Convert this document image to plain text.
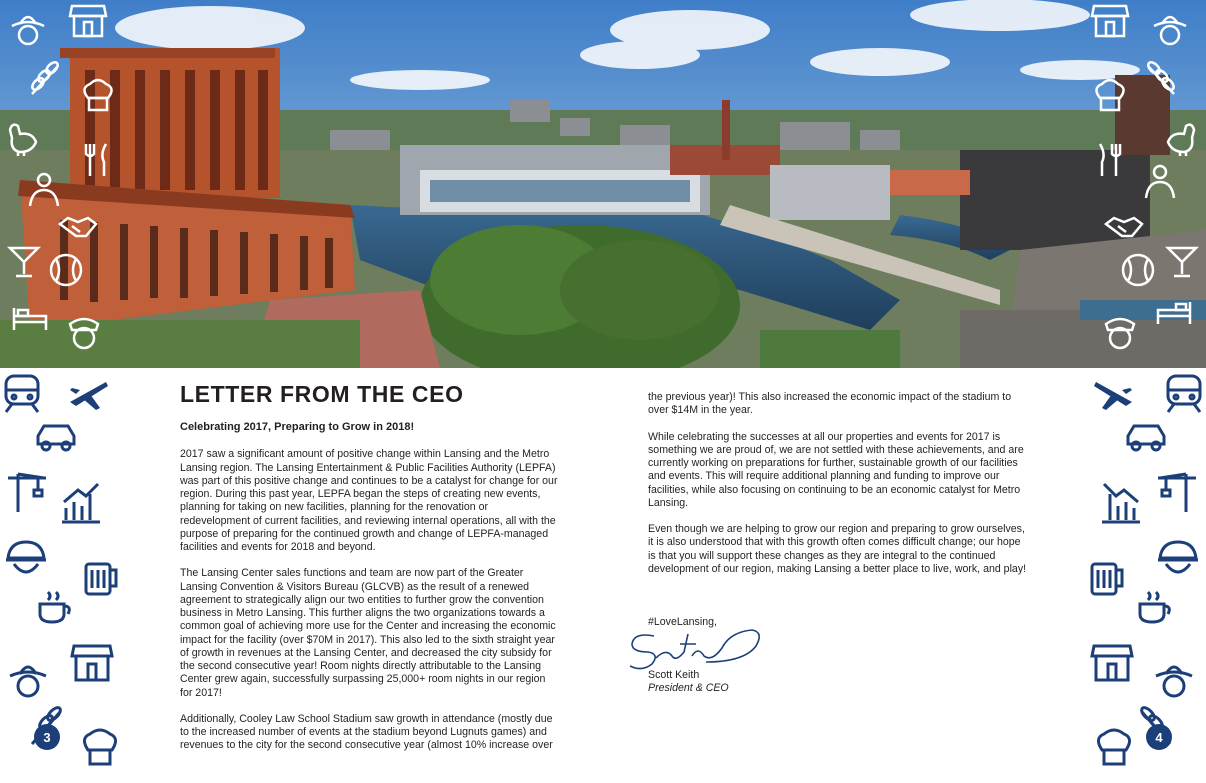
3	4
LETTER FROM THE CEO
Celebrating 2017, Preparing to Grow in 2018!

2017 saw a significant amount of positive change within Lansing and the Metro Lansing region. The Lansing Entertainment & Public Facilities Authority (LEPFA) was part of this positive change and continues to be a catalyst for change for our region. During this past year, LEPFA began the steps of creating new events, planning for taking on new facilities, planning for the renovation or redevelopment of current facilities, and reviewing internal operations, all with the purpose of preparing for the continued growth and change of LEPFA-managed facilities and events for 2018 and beyond.

The Lansing Center sales functions and team are now part of the Greater Lansing Convention & Visitors Bureau (GLCVB) as the result of a renewed agreement to strategically align our two entities to further grow the convention business in Metro Lansing. This further aligns the two organizations towards a common goal of achieving more use for the Center and increasing the economic impact for the facility (over $70M in 2017). This also led to the sixth straight year of growth in revenues at the Lansing Center, and decreased the city subsidy for the second consecutive year! Room nights directly attributable to the Lansing Center grew again, successfully surpassing 25,000+ room nights in our region for 2017!

Additionally, Cooley Law School Stadium saw growth in attendance (mostly due to the increased number of events at the stadium beyond Lugnuts games) and revenues to the city for the second consecutive year (almost 10% increase over

the previous year)! This also increased the economic impact of the stadium to over $14M in the year.

While celebrating the successes at all our properties and events for 2017 is something we are proud of, we are not settled with these achievements, and are currently working on preparations for further, sustainable growth of our facilities and events. This will require additional planning and funding to improve our facilities, while also focusing on continuing to be an economic catalyst for Metro Lansing.

Even though we are helping to grow our region and preparing to grow ourselves, it is also understood that with this growth often comes difficult change; our hope is that you will support these changes as they are integral to the continued development of our region, making Lansing a better place to live, work, and play!

#LoveLansing,
Scott Keith
President & CEO
